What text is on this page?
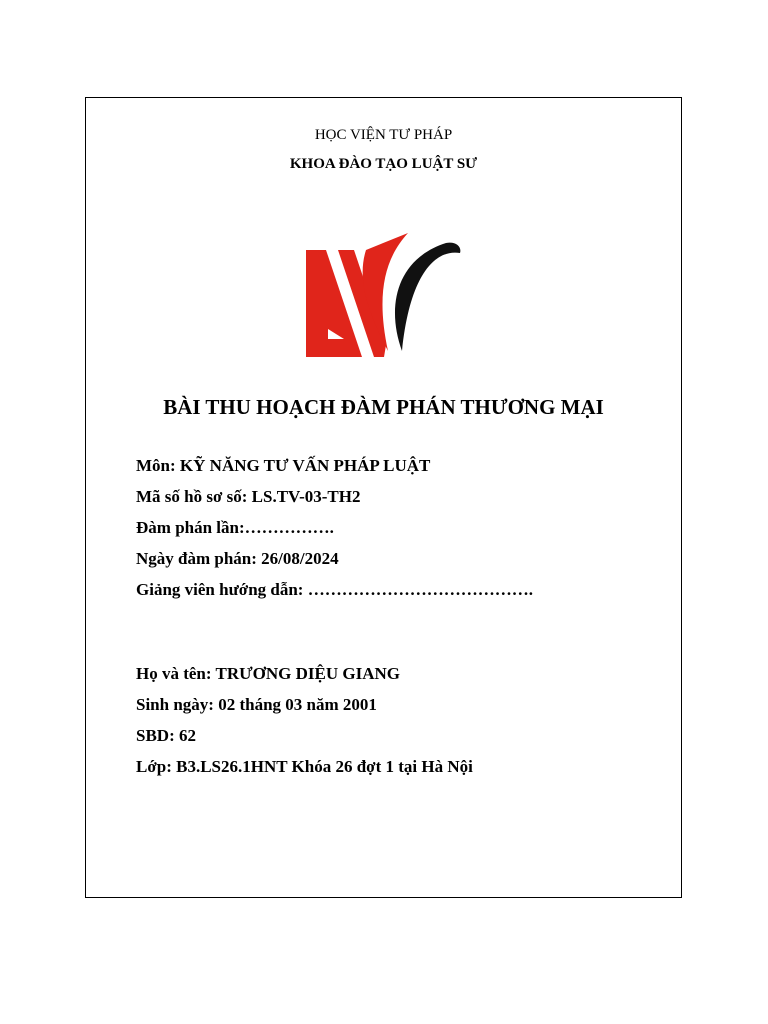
HỌC VIỆN TƯ PHÁP
KHOA ĐÀO TẠO LUẬT SƯ
BÀI THU HOẠCH ĐÀM PHÁN THƯƠNG MẠI
Môn: KỸ NĂNG TƯ VẤN PHÁP LUẬT
Mã số hồ sơ số: LS.TV-03-TH2
Đàm phán lần:…………….
Ngày đàm phán: 26/08/2024
Giảng viên hướng dẫn: ………………………………….
Họ và tên: TRƯƠNG DIỆU GIANG
Sinh ngày: 02 tháng 03 năm 2001
SBD: 62
Lớp: B3.LS26.1HNT Khóa 26 đợt 1 tại Hà Nội
